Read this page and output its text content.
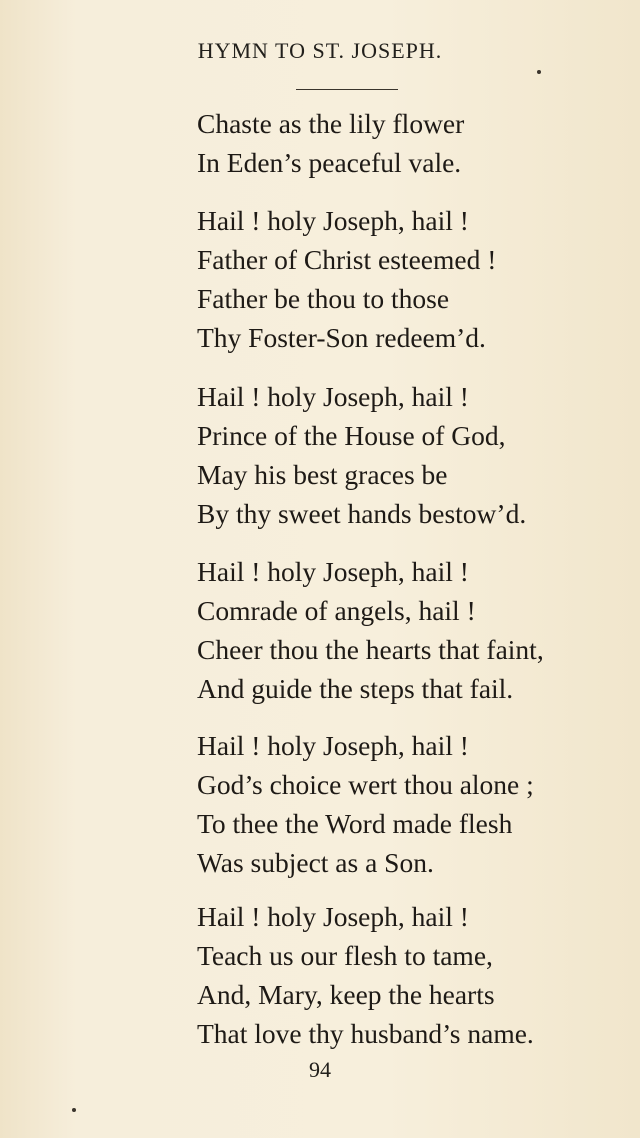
HYMN TO ST. JOSEPH.
Chaste as the lily flower
In Eden’s peaceful vale.
Hail ! holy Joseph, hail !
Father of Christ esteemed !
Father be thou to those
Thy Foster-Son redeem’d.
Hail ! holy Joseph, hail !
Prince of the House of God,
May his best graces be
By thy sweet hands bestow’d.
Hail ! holy Joseph, hail !
Comrade of angels, hail !
Cheer thou the hearts that faint,
And guide the steps that fail.
Hail ! holy Joseph, hail !
God’s choice wert thou alone ;
To thee the Word made flesh
Was subject as a Son.
Hail ! holy Joseph, hail !
Teach us our flesh to tame,
And, Mary, keep the hearts
That love thy husband’s name.
94
